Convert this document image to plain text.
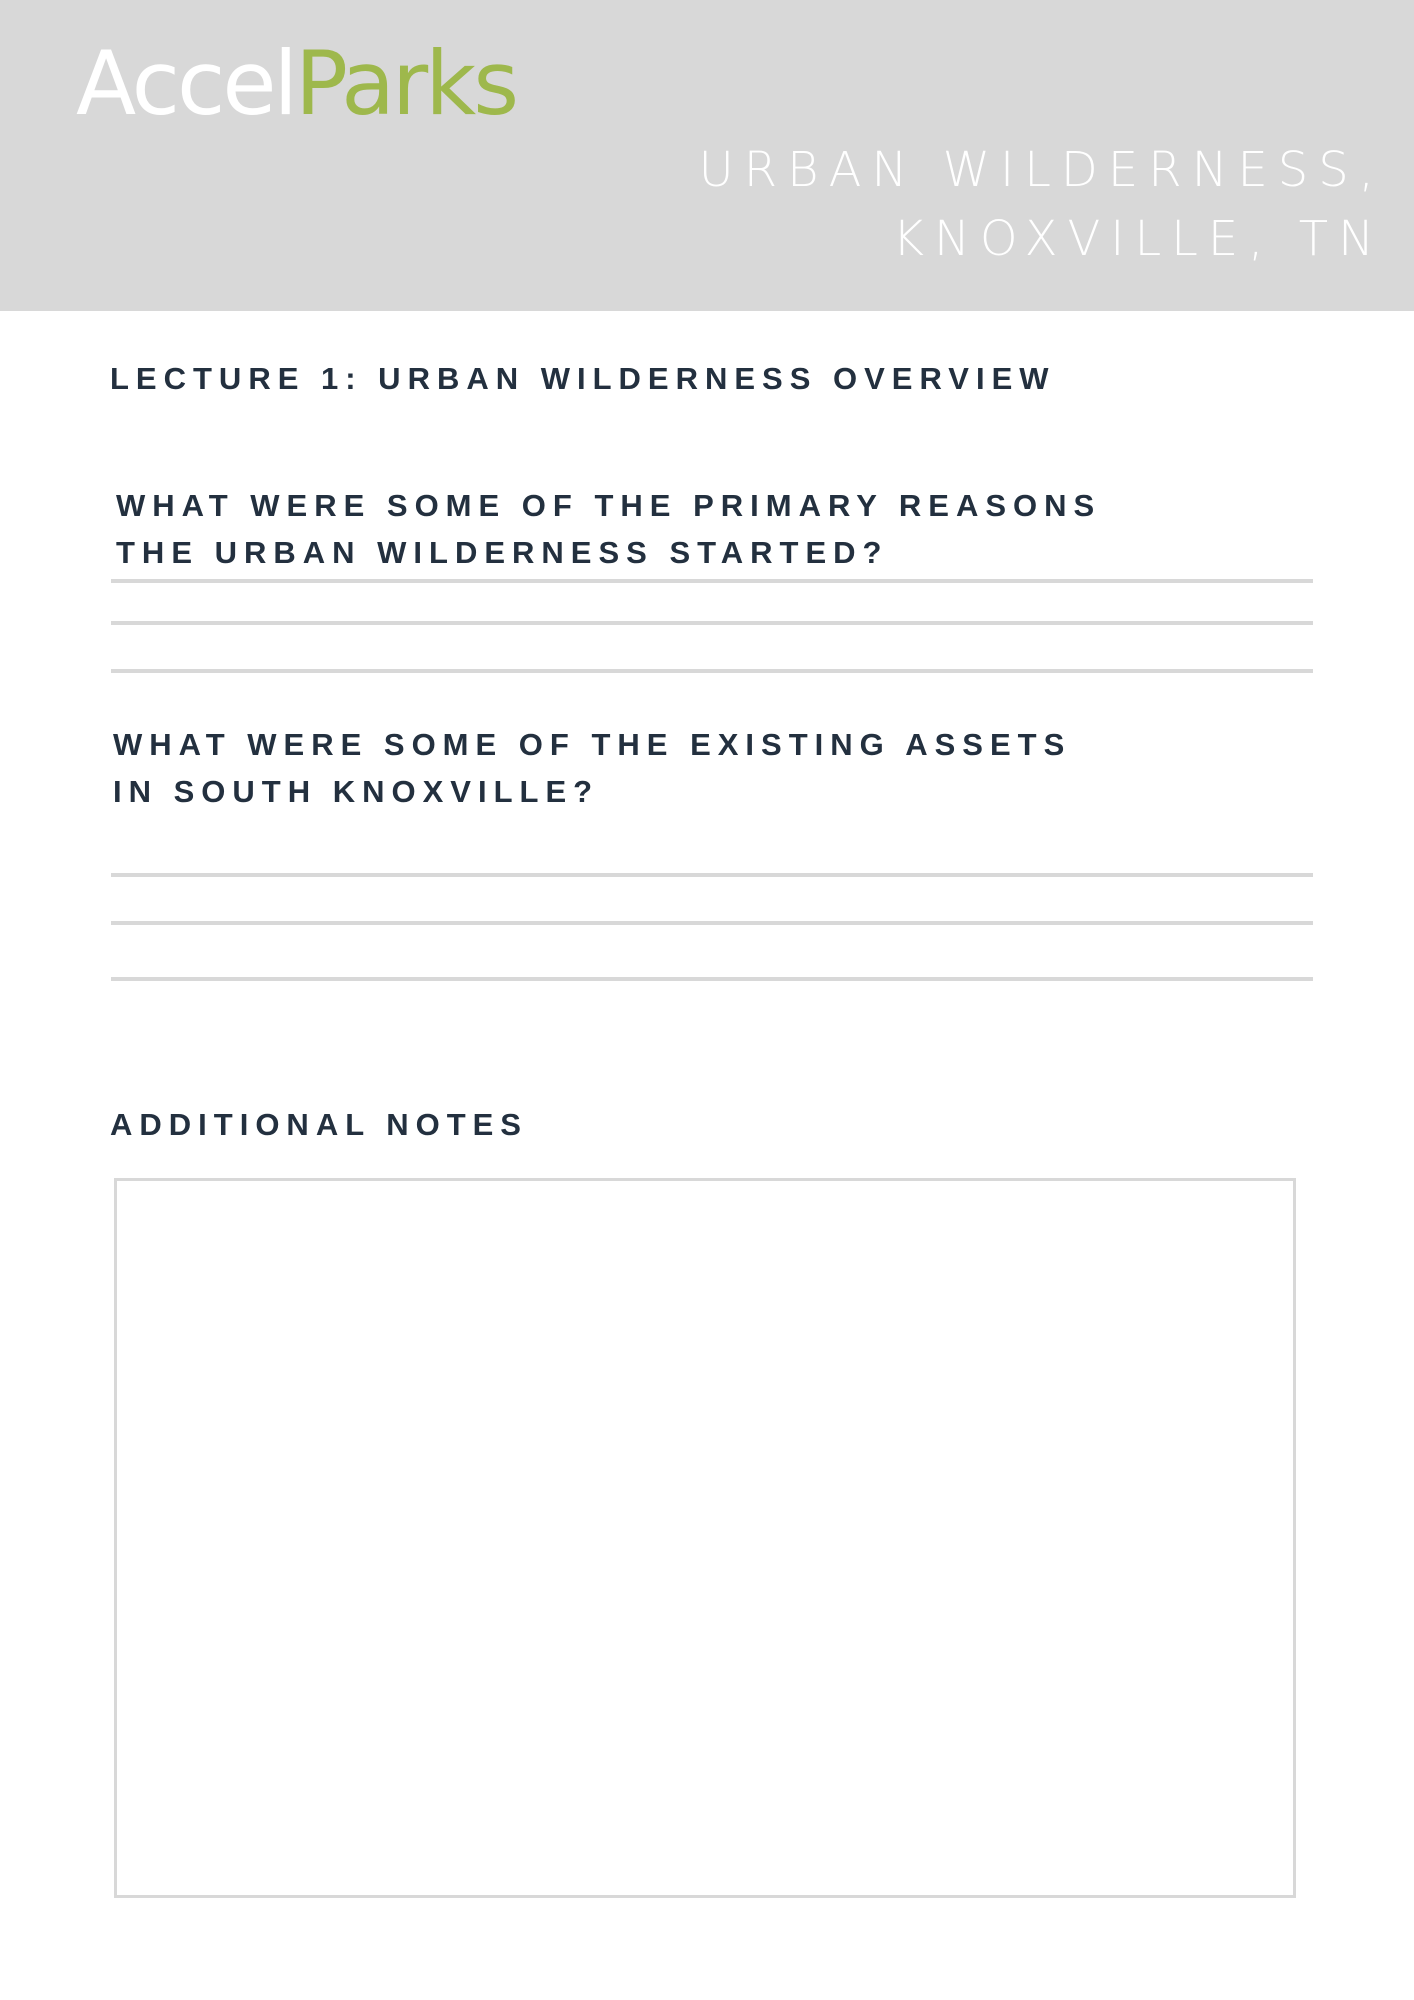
AccelParks
URBAN WILDERNESS,
KNOXVILLE, TN
LECTURE 1: URBAN WILDERNESS OVERVIEW
WHAT WERE SOME OF THE PRIMARY REASONS
THE URBAN WILDERNESS STARTED?
WHAT WERE SOME OF THE EXISTING ASSETS
IN SOUTH KNOXVILLE?
ADDITIONAL NOTES
